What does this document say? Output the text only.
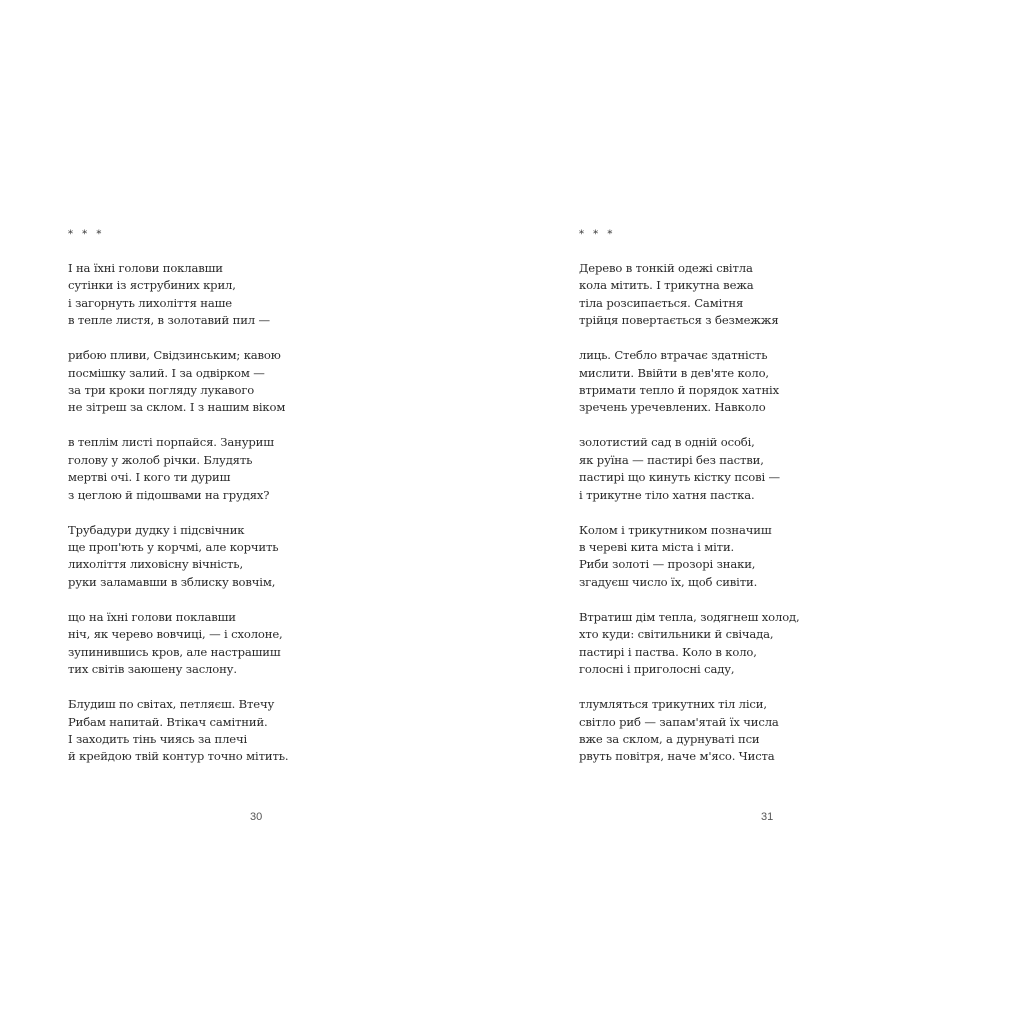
* * *
І на їхні голови поклавши
сутінки із яструбиних крил,
і загорнуть лихоліття наше
в тепле листя, в золотавий пил —
рибою пливи, Свідзинським; кавою
посмішку залий. І за одвірком —
за три кроки погляду лукавого
не зітреш за склом. І з нашим віком
в теплім листі порпайся. Зануриш
голову у жолоб річки. Блудять
мертві очі. І кого ти дуриш
з цеглою й підошвами на грудях?
Трубадури дудку і підсвічник
ще проп'ють у корчмі, але корчить
лихоліття лиховісну вічність,
руки заламавши в зблиску вовчім,
що на їхні голови поклавши
ніч, як черево вовчиці, — і схолоне,
зупинившись кров, але настрашиш
тих світів заюшену заслону.
Блудиш по світах, петляєш. Втечу
Рибам напитай. Втікач самітний.
І заходить тінь чиясь за плечі
й крейдою твій контур точно мітить.
30
* * *
Дерево в тонкій одежі світла
кола мітить. І трикутна вежа
тіла розсипається. Самітня
трійця повертається з безмежжя
лиць. Стебло втрачає здатність
мислити. Ввійти в дев'яте коло,
втримати тепло й порядок хатніх
зречень уречевлених. Навколо
золотистий сад в одній особі,
як руїна — пастирі без пастви,
пастирі що кинуть кістку псові —
і трикутне тіло хатня пастка.
Колом і трикутником позначиш
в череві кита міста і міти.
Риби золоті — прозорі знаки,
згадуєш число їх, щоб сивіти.
Втратиш дім тепла, зодягнеш холод,
хто куди: світильники й свічада,
пастирі і паства. Коло в коло,
голосні і приголосні саду,
тлумляться трикутних тіл ліси,
світло риб — запам'ятай їх числа
вже за склом, а дурнуваті пси
рвуть повітря, наче м'ясо. Чиста
31
